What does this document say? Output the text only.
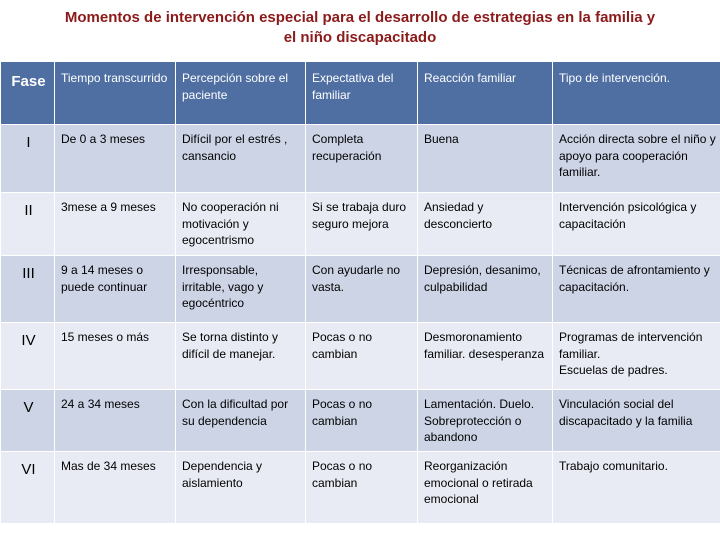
Momentos de intervención especial para el desarrollo de estrategias en la familia y
el niño discapacitado
Fase	Tiempo transcurrido	Percepción sobre el paciente	Expectativa del familiar	Reacción familiar	Tipo de intervención.
I	De 0 a 3 meses	Difícil por el estrés , cansancio	Completa recuperación	Buena	Acción directa sobre el niño y apoyo para cooperación familiar.
II	3mese a 9 meses	No cooperación ni motivación y egocentrismo	Si se trabaja duro seguro mejora	Ansiedad y desconcierto	Intervención psicológica y capacitación
III	9 a 14 meses o puede continuar	Irresponsable, irritable, vago y egocéntrico	Con ayudarle no vasta.	Depresión, desanimo, culpabilidad	Técnicas de afrontamiento y capacitación.
IV	15 meses o más	Se torna distinto y difícil de manejar.	Pocas o no cambian	Desmoronamiento familiar. desesperanza	Programas de intervención familiar.
Escuelas de padres.

V	24 a 34 meses	Con la dificultad por su dependencia	Pocas o no cambian	Lamentación. Duelo.
Sobreprotección o abandono	Vinculación social del discapacitado y la familia
VI	Mas de 34 meses	Dependencia y aislamiento	Pocas o no cambian	Reorganización emocional o retirada emocional	Trabajo comunitario.
